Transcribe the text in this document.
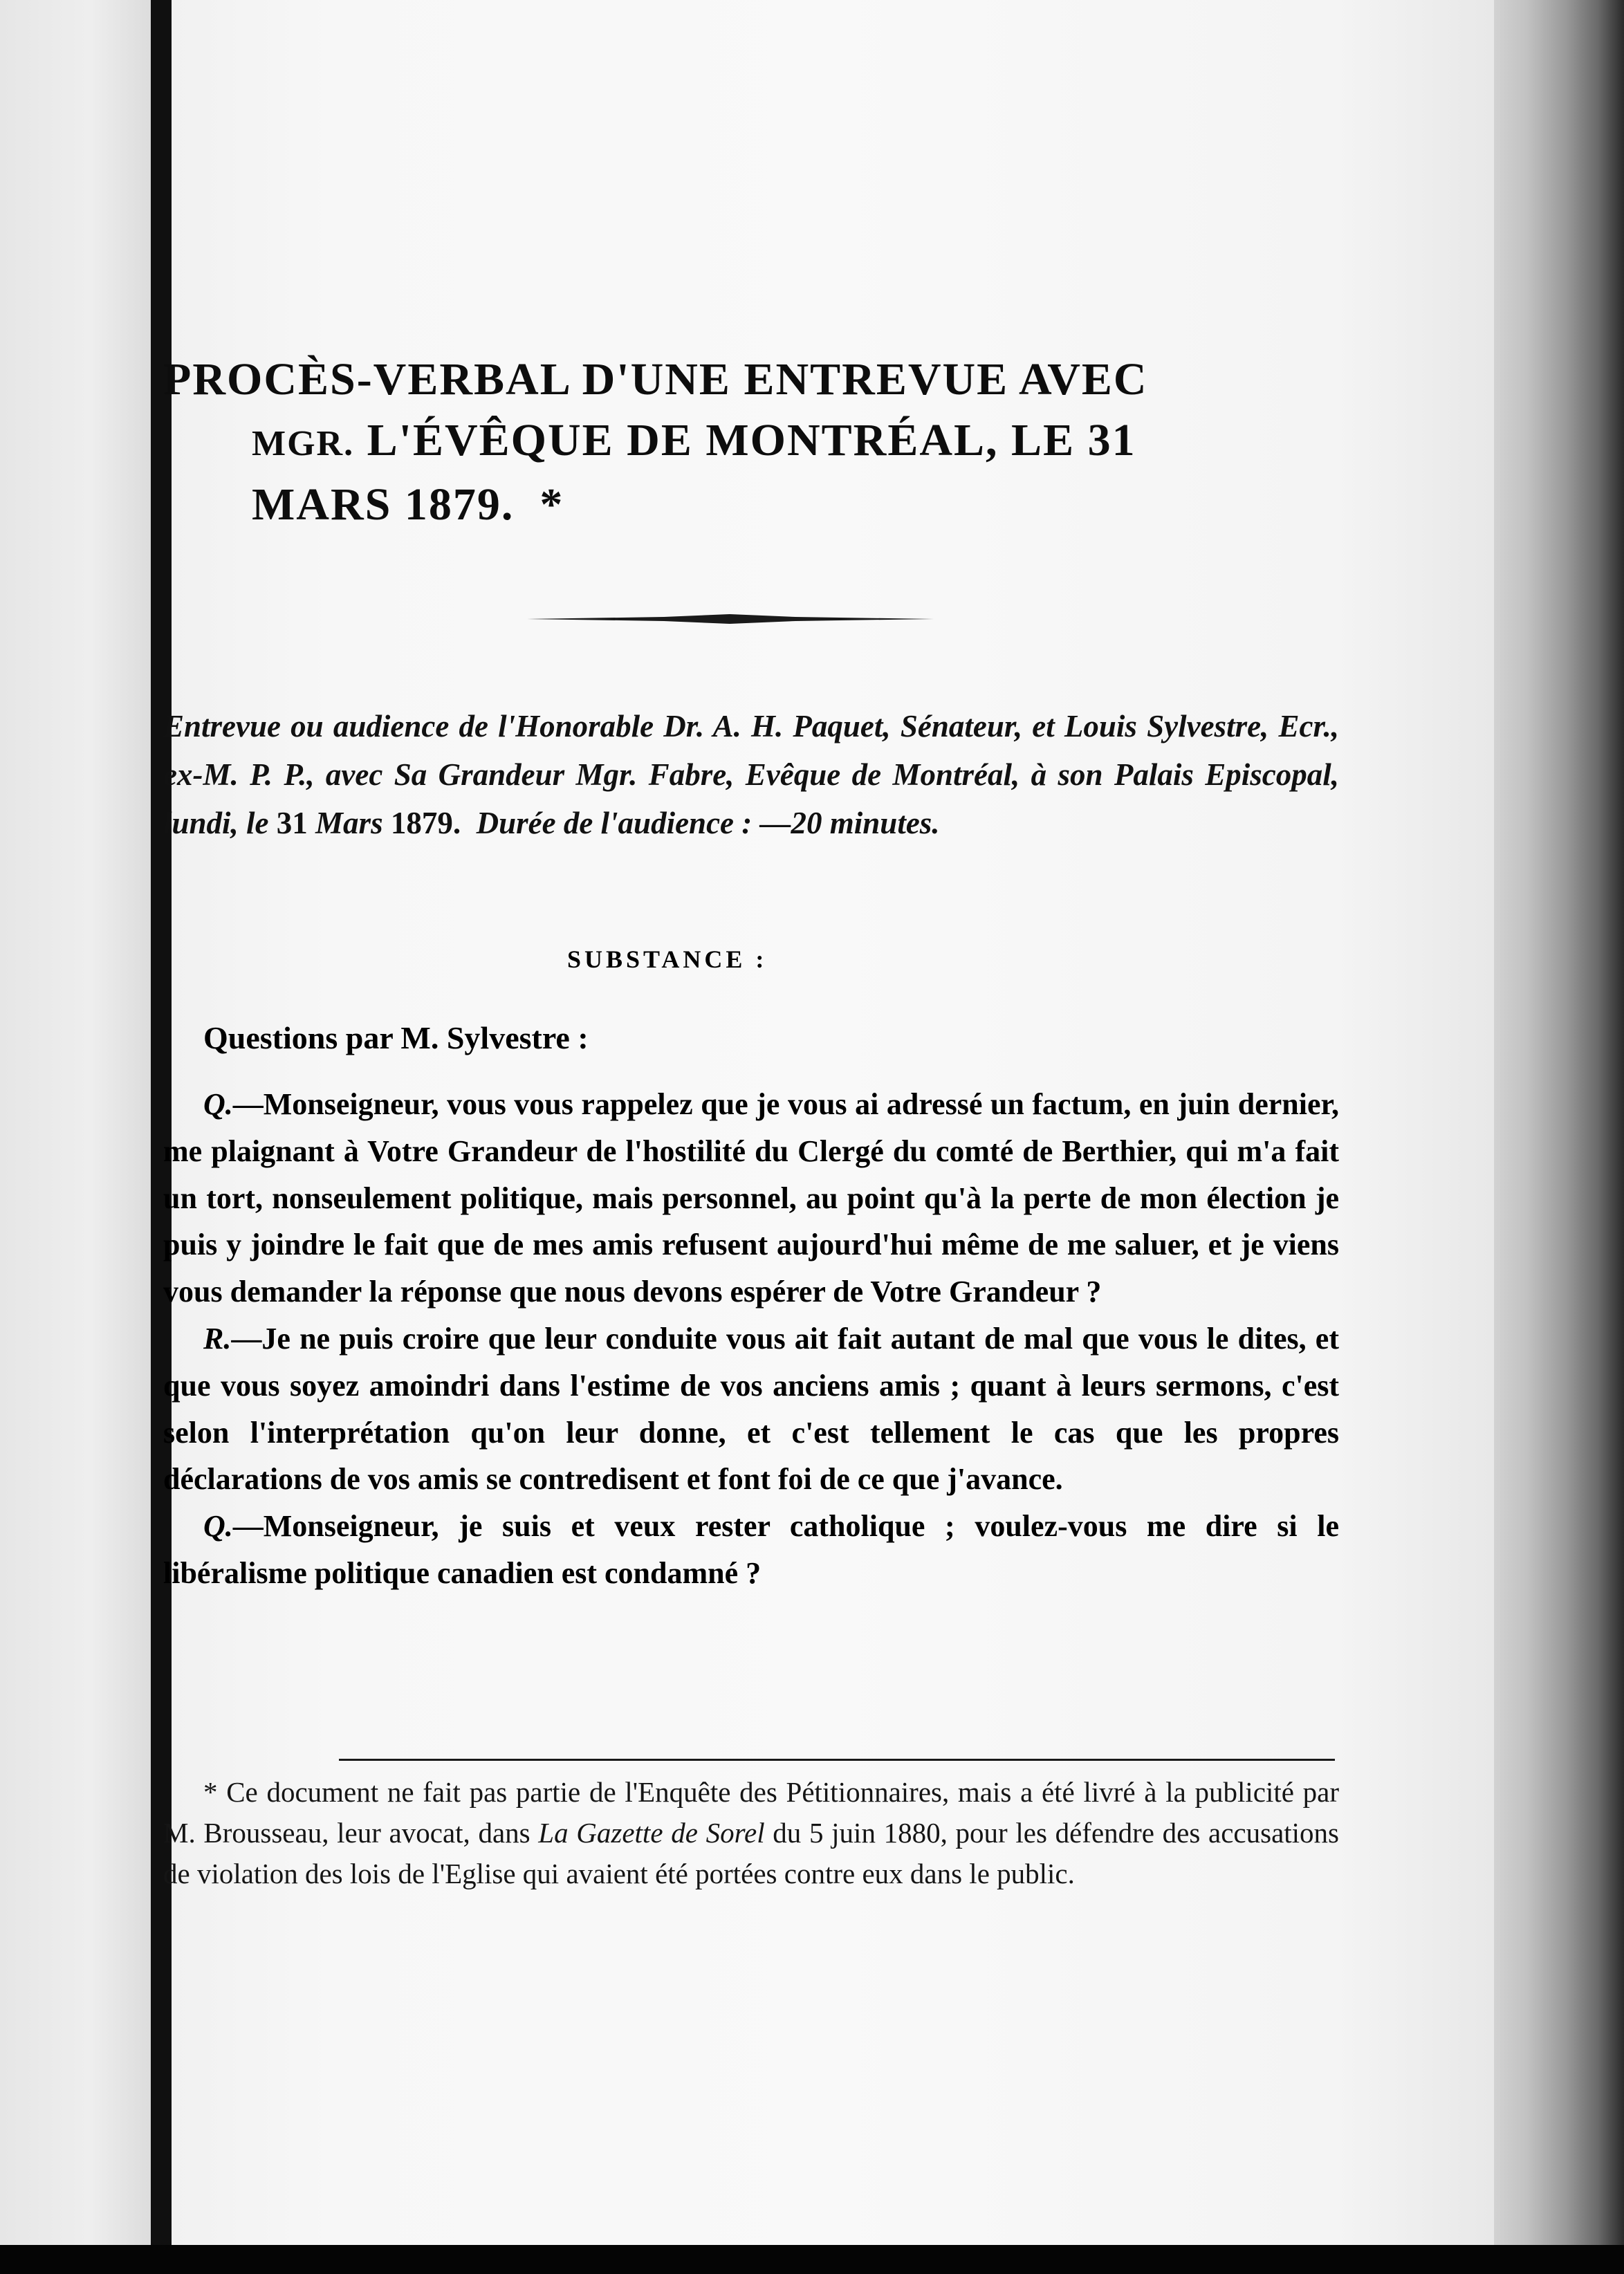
PROCÈS-VERBAL D'UNE ENTREVUE AVEC
MGR. L'ÉVÊQUE DE MONTRÉAL, LE 31
MARS 1879. *

Entrevue ou audience de l'Honorable Dr. A. H. Paquet, Sénateur, et Louis Sylvestre, Ecr., ex-M. P. P., avec Sa Grandeur Mgr. Fabre, Evêque de Montréal, à son Palais Episcopal, lundi, le 31 Mars 1879. Durée de l'audience : —20 minutes.

SUBSTANCE :
Questions par M. Sylvestre :

Q.—Monseigneur, vous vous rappelez que je vous ai adressé un factum, en juin dernier, me plaignant à Votre Grandeur de l'hostilité du Clergé du comté de Berthier, qui m'a fait un tort, nonseulement politique, mais personnel, au point qu'à la perte de mon élection je puis y joindre le fait que de mes amis refusent aujourd'hui même de me saluer, et je viens vous demander la réponse que nous devons espérer de Votre Grandeur ?

R.—Je ne puis croire que leur conduite vous ait fait autant de mal que vous le dites, et que vous soyez amoindri dans l'estime de vos anciens amis ; quant à leurs sermons, c'est selon l'interprétation qu'on leur donne, et c'est tellement le cas que les propres déclarations de vos amis se contredisent et font foi de ce que j'avance.

Q.—Monseigneur, je suis et veux rester catholique ; voulez-vous me dire si le libéralisme politique canadien est condamné ?

* Ce document ne fait pas partie de l'Enquête des Pétitionnaires, mais a été livré à la publicité par M. Brousseau, leur avocat, dans La Gazette de Sorel du 5 juin 1880, pour les défendre des accusations de violation des lois de l'Eglise qui avaient été portées contre eux dans le public.
